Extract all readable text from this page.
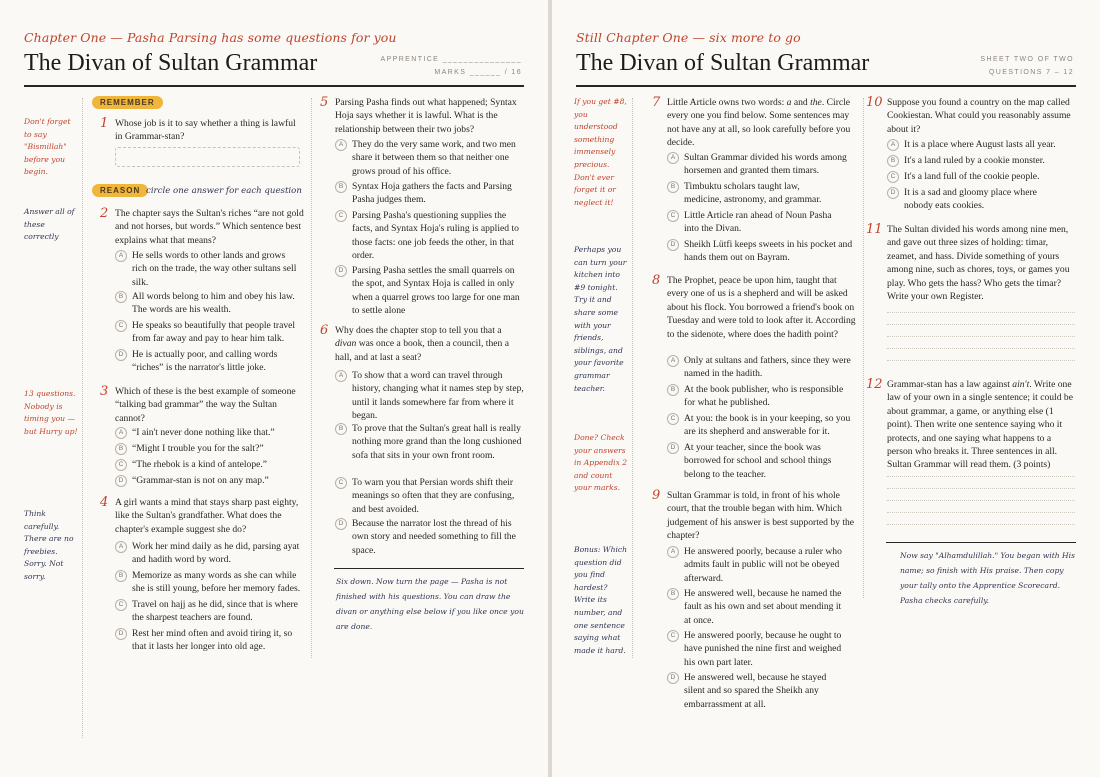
Chapter One — Pasha Parsing has some questions for you
The Divan of Sultan Grammar	APPRENTICE _______________
MARKS ______ / 16
Don't forget to say "Bismillah" before you begin.
Answer all of these correctly
13 questions. Nobody is timing you — but Hurry up!
Think carefully. There are no freebies. Sorry. Not sorry.
REMEMBER
1 Whose job is it to say whether a thing is lawful in Grammar-stan?
REASON circle one answer for each question
2 The chapter says the Sultan's riches “are not gold and not horses, but words.” Which sentence best explains what that means?
A He sells words to other lands and grows rich on the trade, the way other sultans sell silk.
B All words belong to him and obey his law. The words are his wealth.
C He speaks so beautifully that people travel from far away and pay to hear him talk.
D He is actually poor, and calling words “riches” is the narrator's little joke.
3 Which of these is the best example of someone “talking bad grammar” the way the Sultan cannot?
A “I ain't never done nothing like that.”
B “Might I trouble you for the salt?”
C “The rhebok is a kind of antelope.”
D “Grammar-stan is not on any map.”
4 A girl wants a mind that stays sharp past eighty, like the Sultan's grandfather. What does the chapter's example suggest she do?
A Work her mind daily as he did, parsing ayat and hadith word by word.
B Memorize as many words as she can while she is still young, before her memory fades.
C Travel on hajj as he did, since that is where the sharpest teachers are found.
D Rest her mind often and avoid tiring it, so that it lasts her longer into old age.
5 Parsing Pasha finds out what happened; Syntax Hoja says whether it is lawful. What is the relationship between their two jobs?
A They do the very same work, and two men share it between them so that neither one grows proud of his office.
B Syntax Hoja gathers the facts and Parsing Pasha judges them.
C Parsing Pasha's questioning supplies the facts, and Syntax Hoja's ruling is applied to those facts: one job feeds the other, in that order.
D Parsing Pasha settles the small quarrels on the spot, and Syntax Hoja is called in only when a quarrel grows too large for one man to settle alone
6 Why does the chapter stop to tell you that a divan was once a book, then a council, then a hall, and at last a seat?
A To show that a word can travel through history, changing what it names step by step, until it lands somewhere far from where it began.
B To prove that the Sultan's great hall is really nothing more grand than the long cushioned sofa that sits in your own front room.
C To warn you that Persian words shift their meanings so often that they are confusing, and best avoided.
D Because the narrator lost the thread of his own story and needed something to fill the space.
Six down. Now turn the page — Pasha is not finished with his questions. You can draw the divan or anything else below if you like once you are done.
Still Chapter One — six more to go
The Divan of Sultan Grammar	SHEET TWO OF TWO
QUESTIONS 7 – 12
If you get #8, you understood something immensely precious. Don't ever forget it or neglect it!
Perhaps you can turn your kitchen into #9 tonight. Try it and share some with your friends, siblings, and your favorite grammar teacher.
Done? Check your answers in Appendix 2 and count your marks.
Bonus: Which question did you find hardest? Write its number, and one sentence saying what made it hard.
7 Little Article owns two words: a and the. Circle every one you find below. Some sentences may not have any at all, so look carefully before you decide.
A Sultan Grammar divided his words among horsemen and granted them timars.
B Timbuktu scholars taught law, medicine, astronomy, and grammar.
C Little Article ran ahead of Noun Pasha into the Divan.
D Sheikh Lütfi keeps sweets in his pocket and hands them out on Bayram.
8 The Prophet, peace be upon him, taught that every one of us is a shepherd and will be asked about his flock. You borrowed a friend's book on Tuesday and were told to look after it. According to the sidenote, where does the hadith point?
A Only at sultans and fathers, since they were named in the hadith.
B At the book publisher, who is responsible for what he published.
C At you: the book is in your keeping, so you are its shepherd and answerable for it.
D At your teacher, since the book was borrowed for school and school things belong to the teacher.
9 Sultan Grammar is told, in front of his whole court, that the trouble began with him. Which judgement of his answer is best supported by the chapter?
A He answered poorly, because a ruler who admits fault in public will not be obeyed afterward.
B He answered well, because he named the fault as his own and set about mending it at once.
C He answered poorly, because he ought to have punished the nine first and weighed his own part later.
D He answered well, because he stayed silent and so spared the Sheikh any embarrassment at all.
10 Suppose you found a country on the map called Cookiestan. What could you reasonably assume about it?
A It is a place where August lasts all year.
B It's a land ruled by a cookie monster.
C It's a land full of the cookie people.
D It is a sad and gloomy place where nobody eats cookies.
11 The Sultan divided his words among nine men, and gave out three sizes of holding: timar, zeamet, and hass. Divide something of yours among nine, such as chores, toys, or games you play. Who gets the hass? Who gets the timar? Write your own Register.
12 Grammar-stan has a law against ain't. Write one law of your own in a single sentence; it could be about grammar, a game, or anything else (1 point). Then write one sentence saying who it protects, and one saying what happens to a person who breaks it. Three sentences in all. Sultan Grammar will read them. (3 points)
Now say "Alhamdulillah." You began with His name; so finish with His praise. Then copy your tally onto the Apprentice Scorecard. Pasha checks carefully.
